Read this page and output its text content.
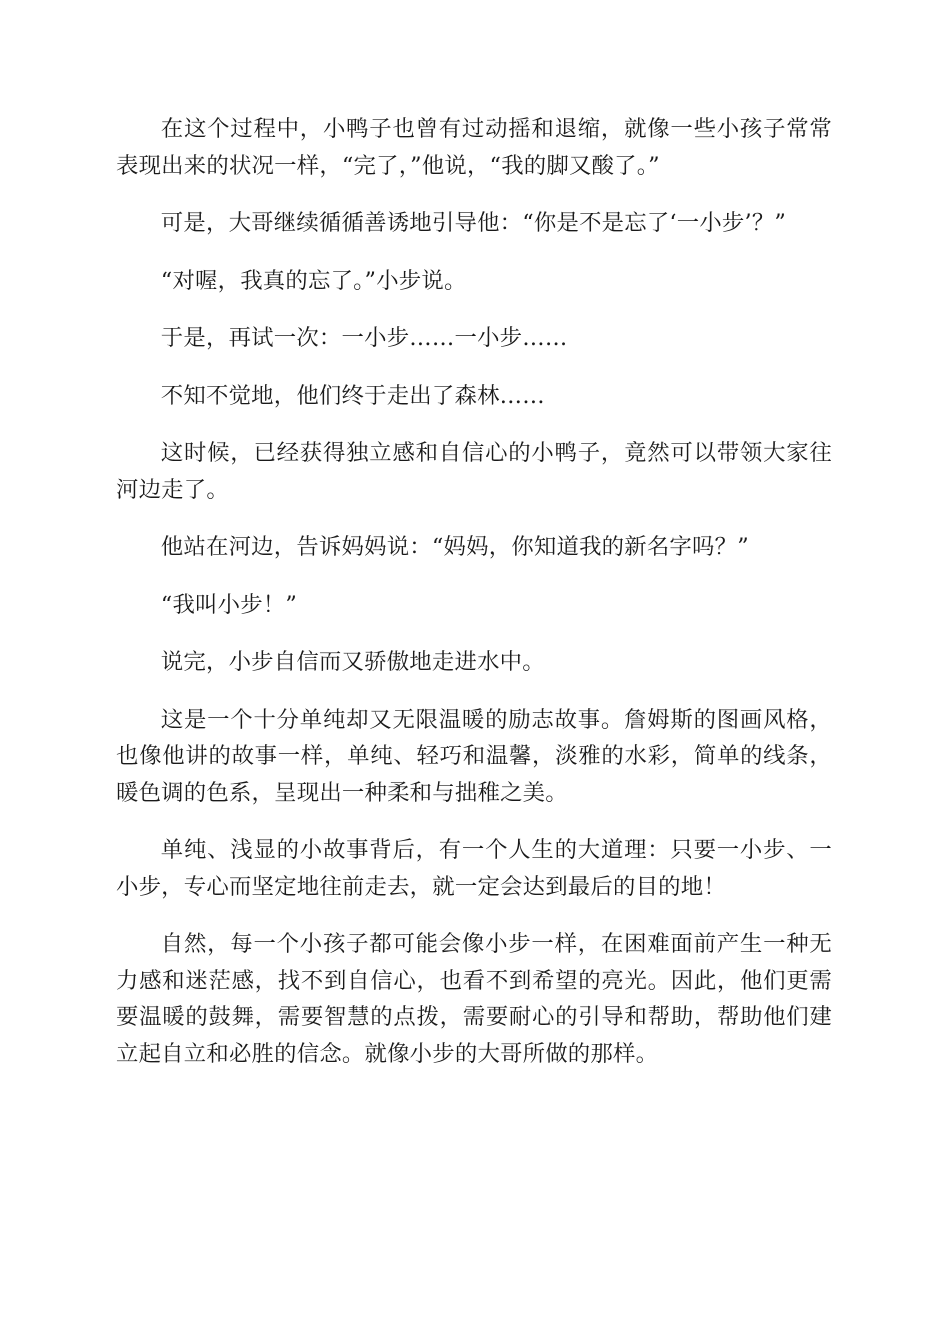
在这个过程中，小鸭子也曾有过动摇和退缩，就像一些小孩子常常表现出来的状况一样，“完了，”他说，“我的脚又酸了。”

可是，大哥继续循循善诱地引导他：“你是不是忘了‘一小步’？”

“对喔，我真的忘了。”小步说。

于是，再试一次：一小步……一小步……

不知不觉地，他们终于走出了森林……

这时候，已经获得独立感和自信心的小鸭子，竟然可以带领大家往河边走了。

他站在河边，告诉妈妈说：“妈妈，你知道我的新名字吗？”

“我叫小步！”

说完，小步自信而又骄傲地走进水中。

这是一个十分单纯却又无限温暖的励志故事。詹姆斯的图画风格，也像他讲的故事一样，单纯、轻巧和温馨，淡雅的水彩，简单的线条，暖色调的色系，呈现出一种柔和与拙稚之美。

单纯、浅显的小故事背后，有一个人生的大道理：只要一小步、一小步，专心而坚定地往前走去，就一定会达到最后的目的地！

自然，每一个小孩子都可能会像小步一样，在困难面前产生一种无力感和迷茫感，找不到自信心，也看不到希望的亮光。因此，他们更需要温暖的鼓舞，需要智慧的点拨，需要耐心的引导和帮助，帮助他们建立起自立和必胜的信念。就像小步的大哥所做的那样。
